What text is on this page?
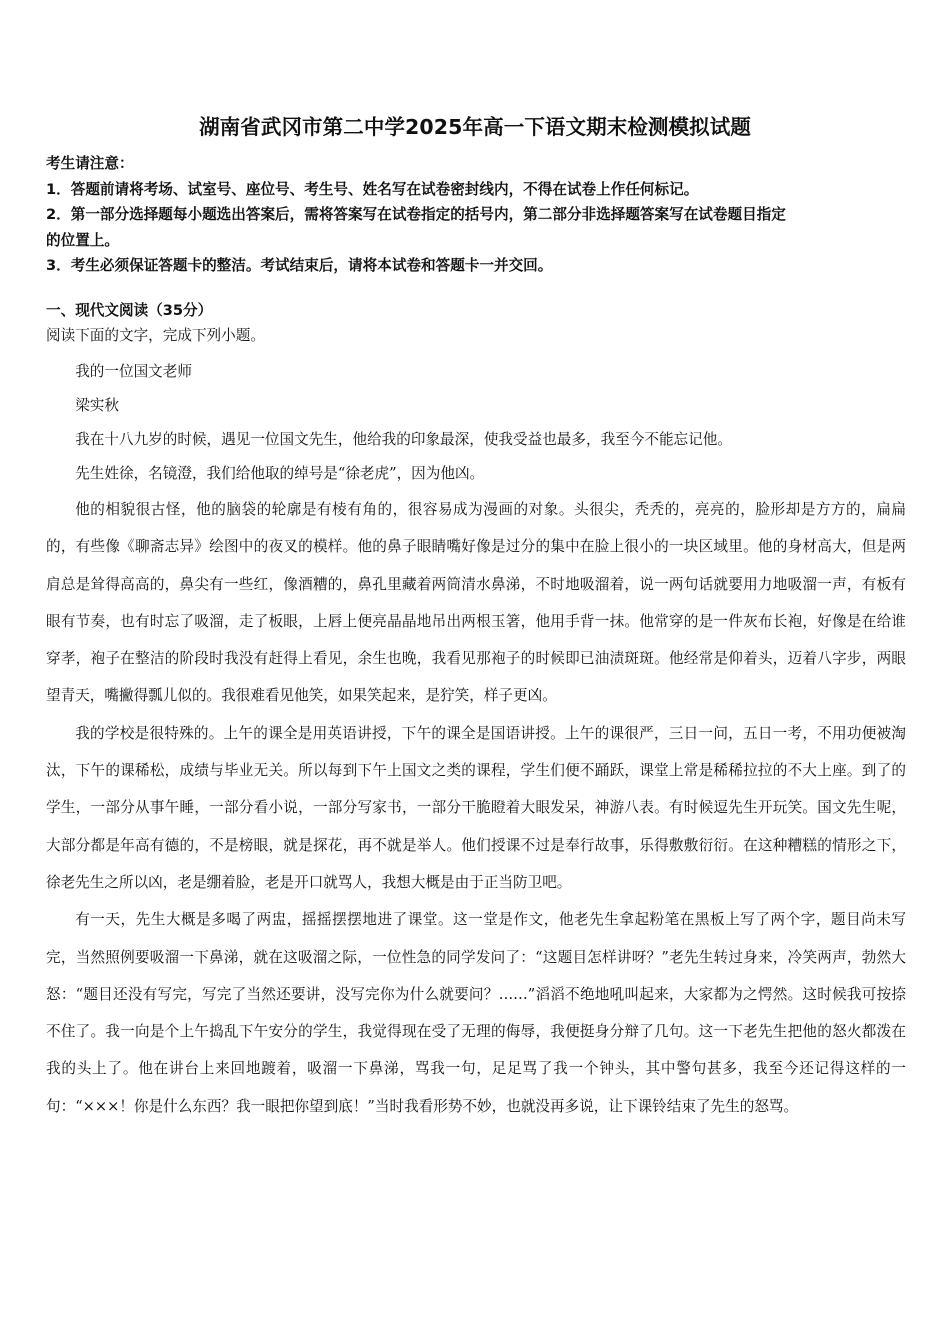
湖南省武冈市第二中学2025年高一下语文期末检测模拟试题
考生请注意：
1．答题前请将考场、试室号、座位号、考生号、姓名写在试卷密封线内，不得在试卷上作任何标记。
2．第一部分选择题每小题选出答案后，需将答案写在试卷指定的括号内，第二部分非选择题答案写在试卷题目指定
的位置上。
3．考生必须保证答题卡的整洁。考试结束后，请将本试卷和答题卡一并交回。
一、现代文阅读（35分）
阅读下面的文字，完成下列小题。

我的一位国文老师

梁实秋

我在十八九岁的时候，遇见一位国文先生，他给我的印象最深，使我受益也最多，我至今不能忘记他。

先生姓徐，名镜澄，我们给他取的绰号是“徐老虎”，因为他凶。

他的相貌很古怪，他的脑袋的轮廓是有棱有角的，很容易成为漫画的对象。头很尖，秃秃的，亮亮的，脸形却是方方的，扁扁的，有些像《聊斋志异》绘图中的夜叉的模样。他的鼻子眼睛嘴好像是过分的集中在脸上很小的一块区域里。他的身材高大，但是两肩总是耸得高高的，鼻尖有一些红，像酒糟的，鼻孔里藏着两筒清水鼻涕，不时地吸溜着，说一两句话就要用力地吸溜一声，有板有眼有节奏，也有时忘了吸溜，走了板眼，上唇上便亮晶晶地吊出两根玉箸，他用手背一抹。他常穿的是一件灰布长袍，好像是在给谁穿孝，袍子在整洁的阶段时我没有赶得上看见，余生也晚，我看见那袍子的时候即已油渍斑斑。他经常是仰着头，迈着八字步，两眼望青天，嘴撇得瓢儿似的。我很难看见他笑，如果笑起来，是狞笑，样子更凶。

我的学校是很特殊的。上午的课全是用英语讲授，下午的课全是国语讲授。上午的课很严，三日一问，五日一考，不用功便被淘汰，下午的课稀松，成绩与毕业无关。所以每到下午上国文之类的课程，学生们便不踊跃，课堂上常是稀稀拉拉的不大上座。到了的学生，一部分从事午睡，一部分看小说，一部分写家书，一部分干脆瞪着大眼发呆，神游八表。有时候逗先生开玩笑。国文先生呢，大部分都是年高有德的，不是榜眼，就是探花，再不就是举人。他们授课不过是奉行故事，乐得敷敷衍衍。在这种糟糕的情形之下，徐老先生之所以凶，老是绷着脸，老是开口就骂人，我想大概是由于正当防卫吧。

有一天，先生大概是多喝了两盅，摇摇摆摆地进了课堂。这一堂是作文，他老先生拿起粉笔在黑板上写了两个字，题目尚未写完，当然照例要吸溜一下鼻涕，就在这吸溜之际，一位性急的同学发问了：“这题目怎样讲呀？”老先生转过身来，冷笑两声，勃然大怒：“题目还没有写完，写完了当然还要讲，没写完你为什么就要问？……”滔滔不绝地吼叫起来，大家都为之愕然。这时候我可按捺不住了。我一向是个上午捣乱下午安分的学生，我觉得现在受了无理的侮辱，我便挺身分辩了几句。这一下老先生把他的怒火都泼在我的头上了。他在讲台上来回地踱着，吸溜一下鼻涕，骂我一句，足足骂了我一个钟头，其中警句甚多，我至今还记得这样的一句：“×××！你是什么东西？我一眼把你望到底！”当时我看形势不妙，也就没再多说，让下课铃结束了先生的怒骂。
